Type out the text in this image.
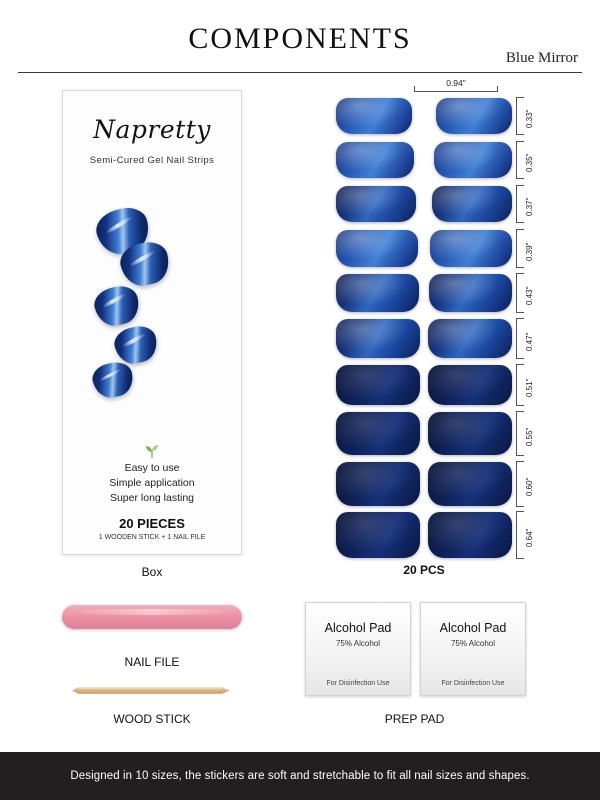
COMPONENTS
Blue Mirror
Napretty
Semi-Cured Gel Nail Strips
Easy to use
Simple application
Super long lasting
20 PIECES
1 WOODEN STICK + 1 NAIL FILE
Box
0.94"
0.33"
0.35"
0.37"
0.39"
0.43"
0.47"
0.51"
0.55"
0.60"
0.64"
20 PCS
NAIL FILE
WOOD STICK
Alcohol Pad
75% Alcohol
For Disinfection Use
Alcohol Pad
75% Alcohol
For Disinfection Use
PREP PAD
Designed in 10 sizes, the stickers are soft and stretchable to fit all nail sizes and shapes.
